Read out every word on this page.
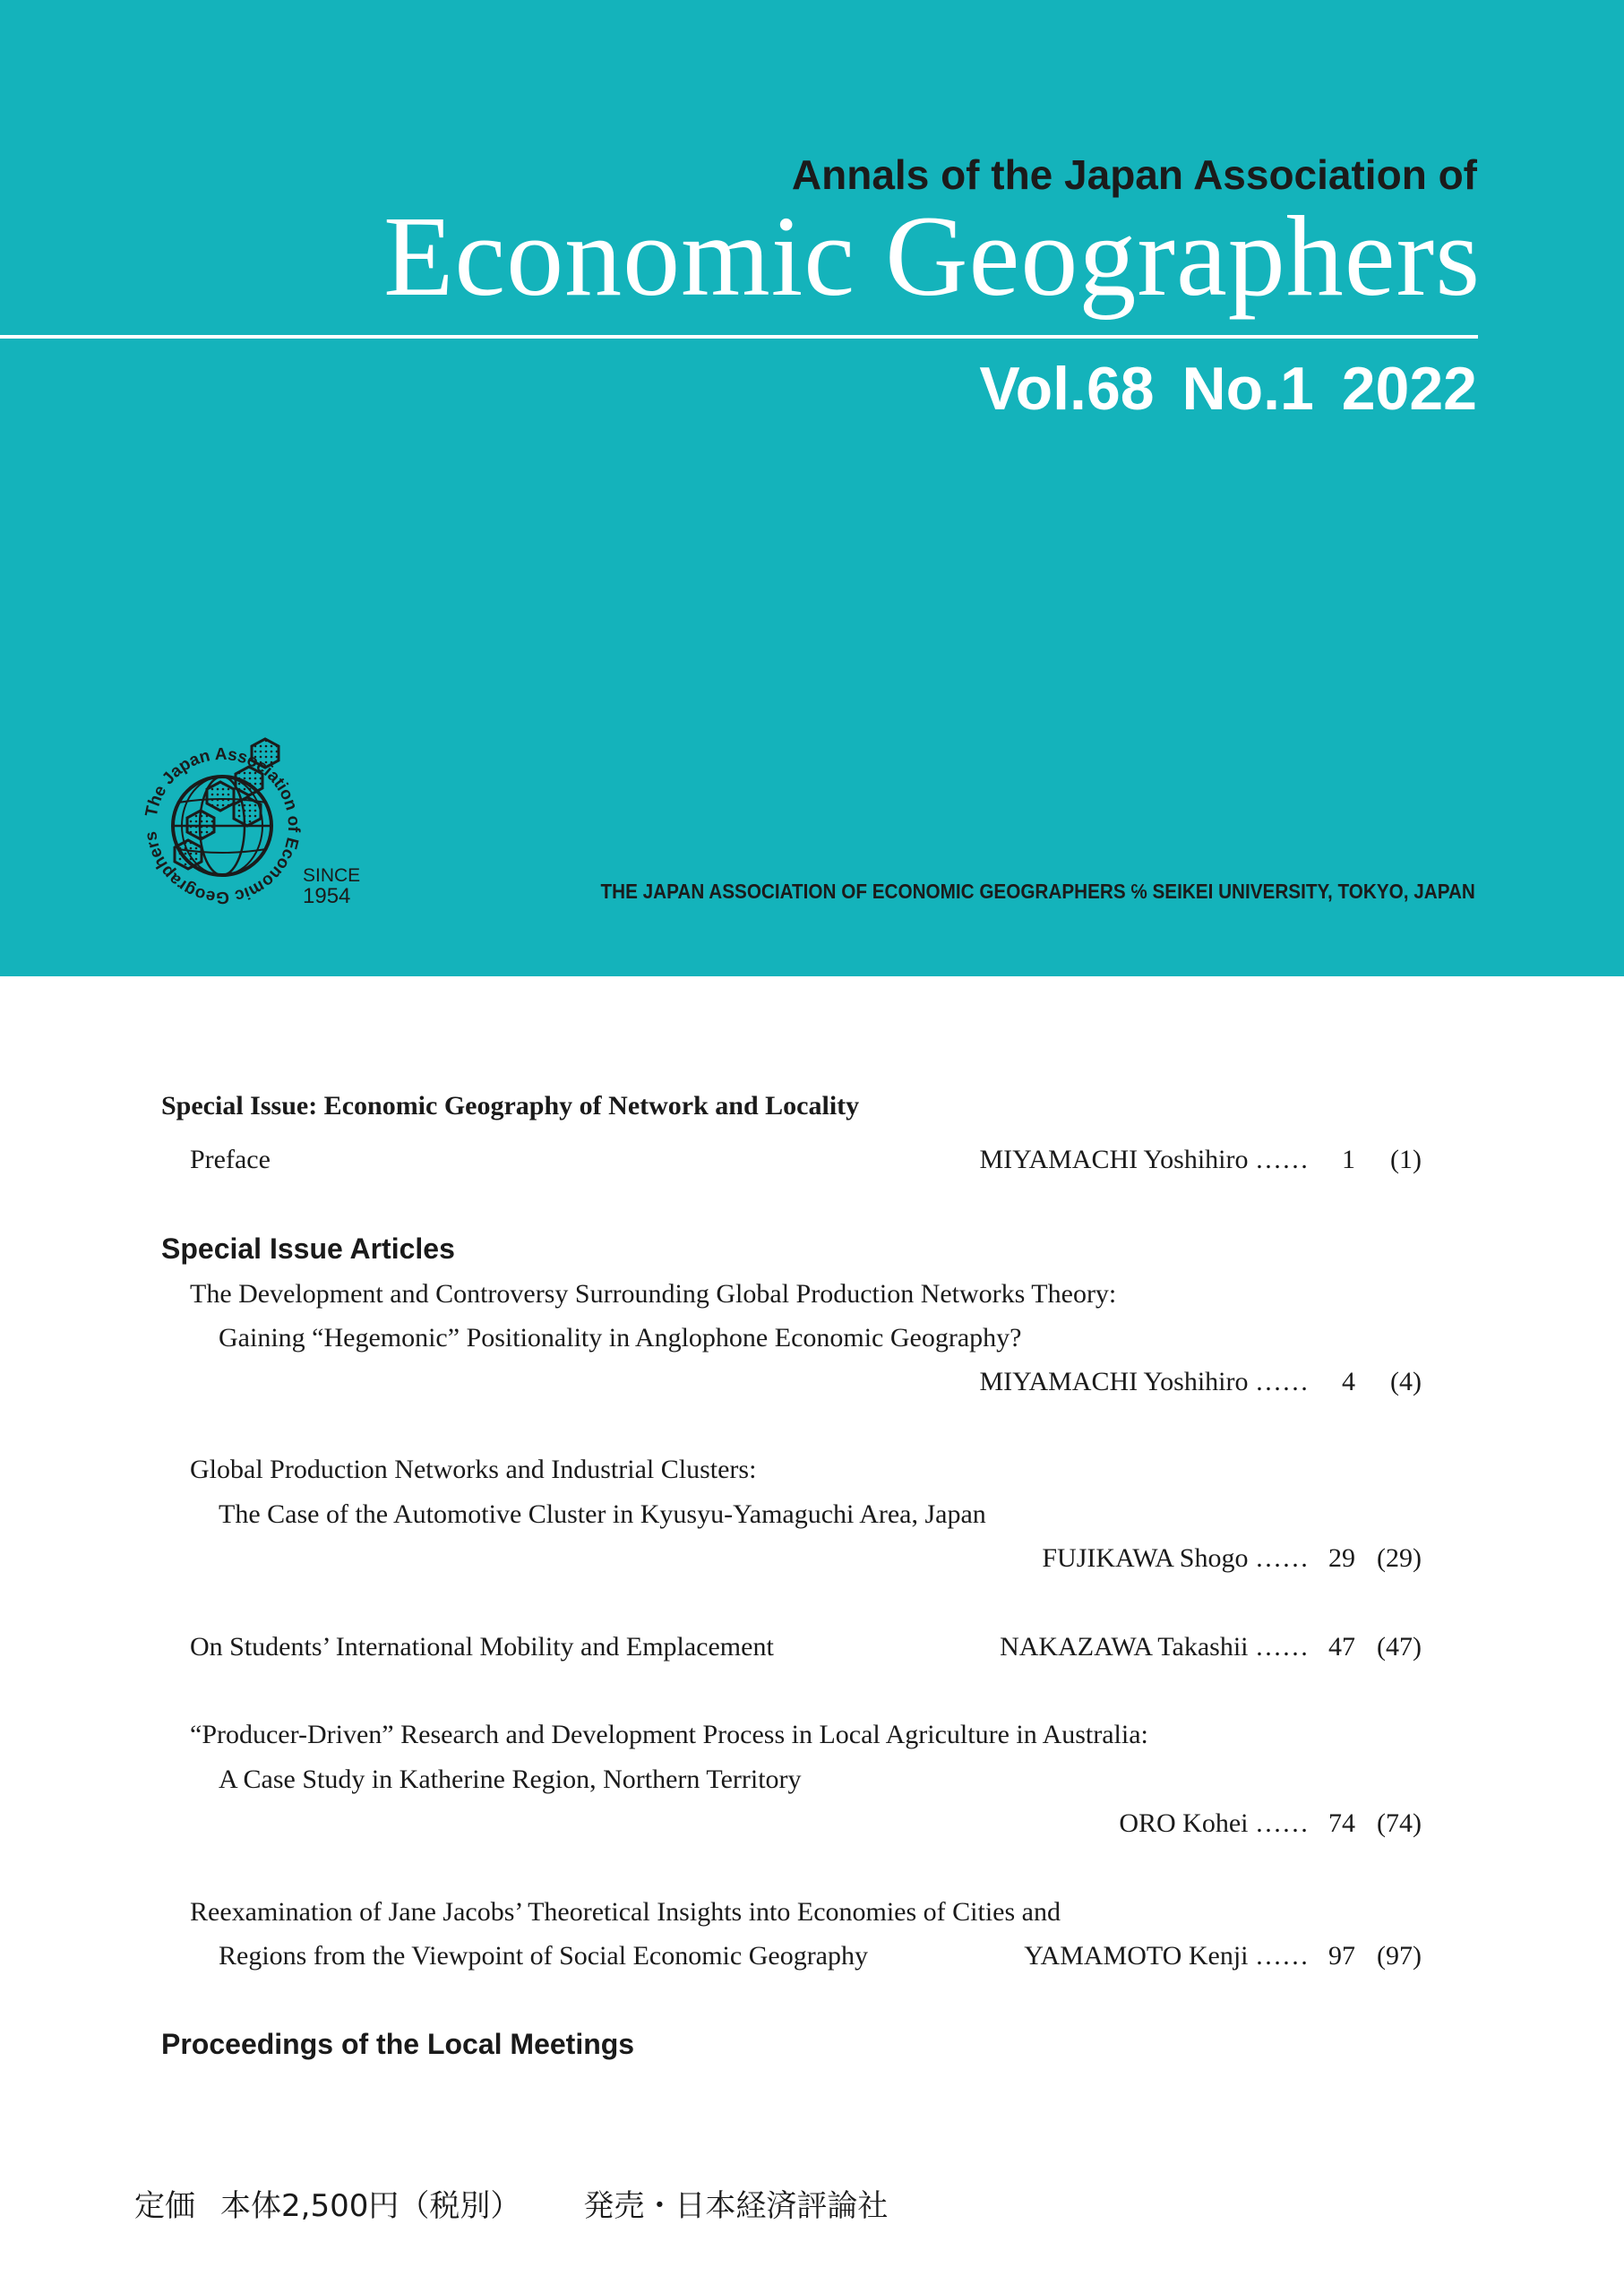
Annals of the Japan Association of
Economic Geographers
Vol.68 No.1 2022
The Japan Association of Economic Geographers
SINCE
1954	THE JAPAN ASSOCIATION OF ECONOMIC GEOGRAPHERS ℅ SEIKEI UNIVERSITY, TOKYO, JAPAN
Special Issue: Economic Geography of Network and Locality
Preface	MIYAMACHI Yoshihiro …… 1 (1)
Special Issue Articles
The Development and Controversy Surrounding Global Production Networks Theory:
Gaining “Hegemonic” Positionality in Anglophone Economic Geography?
MIYAMACHI Yoshihiro …… 4 (4)
Global Production Networks and Industrial Clusters:
The Case of the Automotive Cluster in Kyusyu-Yamaguchi Area, Japan
FUJIKAWA Shogo …… 29 (29)
On Students’ International Mobility and Emplacement	NAKAZAWA Takashii …… 47 (47)
“Producer-Driven” Research and Development Process in Local Agriculture in Australia:
A Case Study in Katherine Region, Northern Territory
ORO Kohei …… 74 (74)
Reexamination of Jane Jacobs’ Theoretical Insights into Economies of Cities and
Regions from the Viewpoint of Social Economic Geography	YAMAMOTO Kenji …… 97 (97)
Proceedings of the Local Meetings
定価 本体2,500円（税別） 発売・日本経済評論社
